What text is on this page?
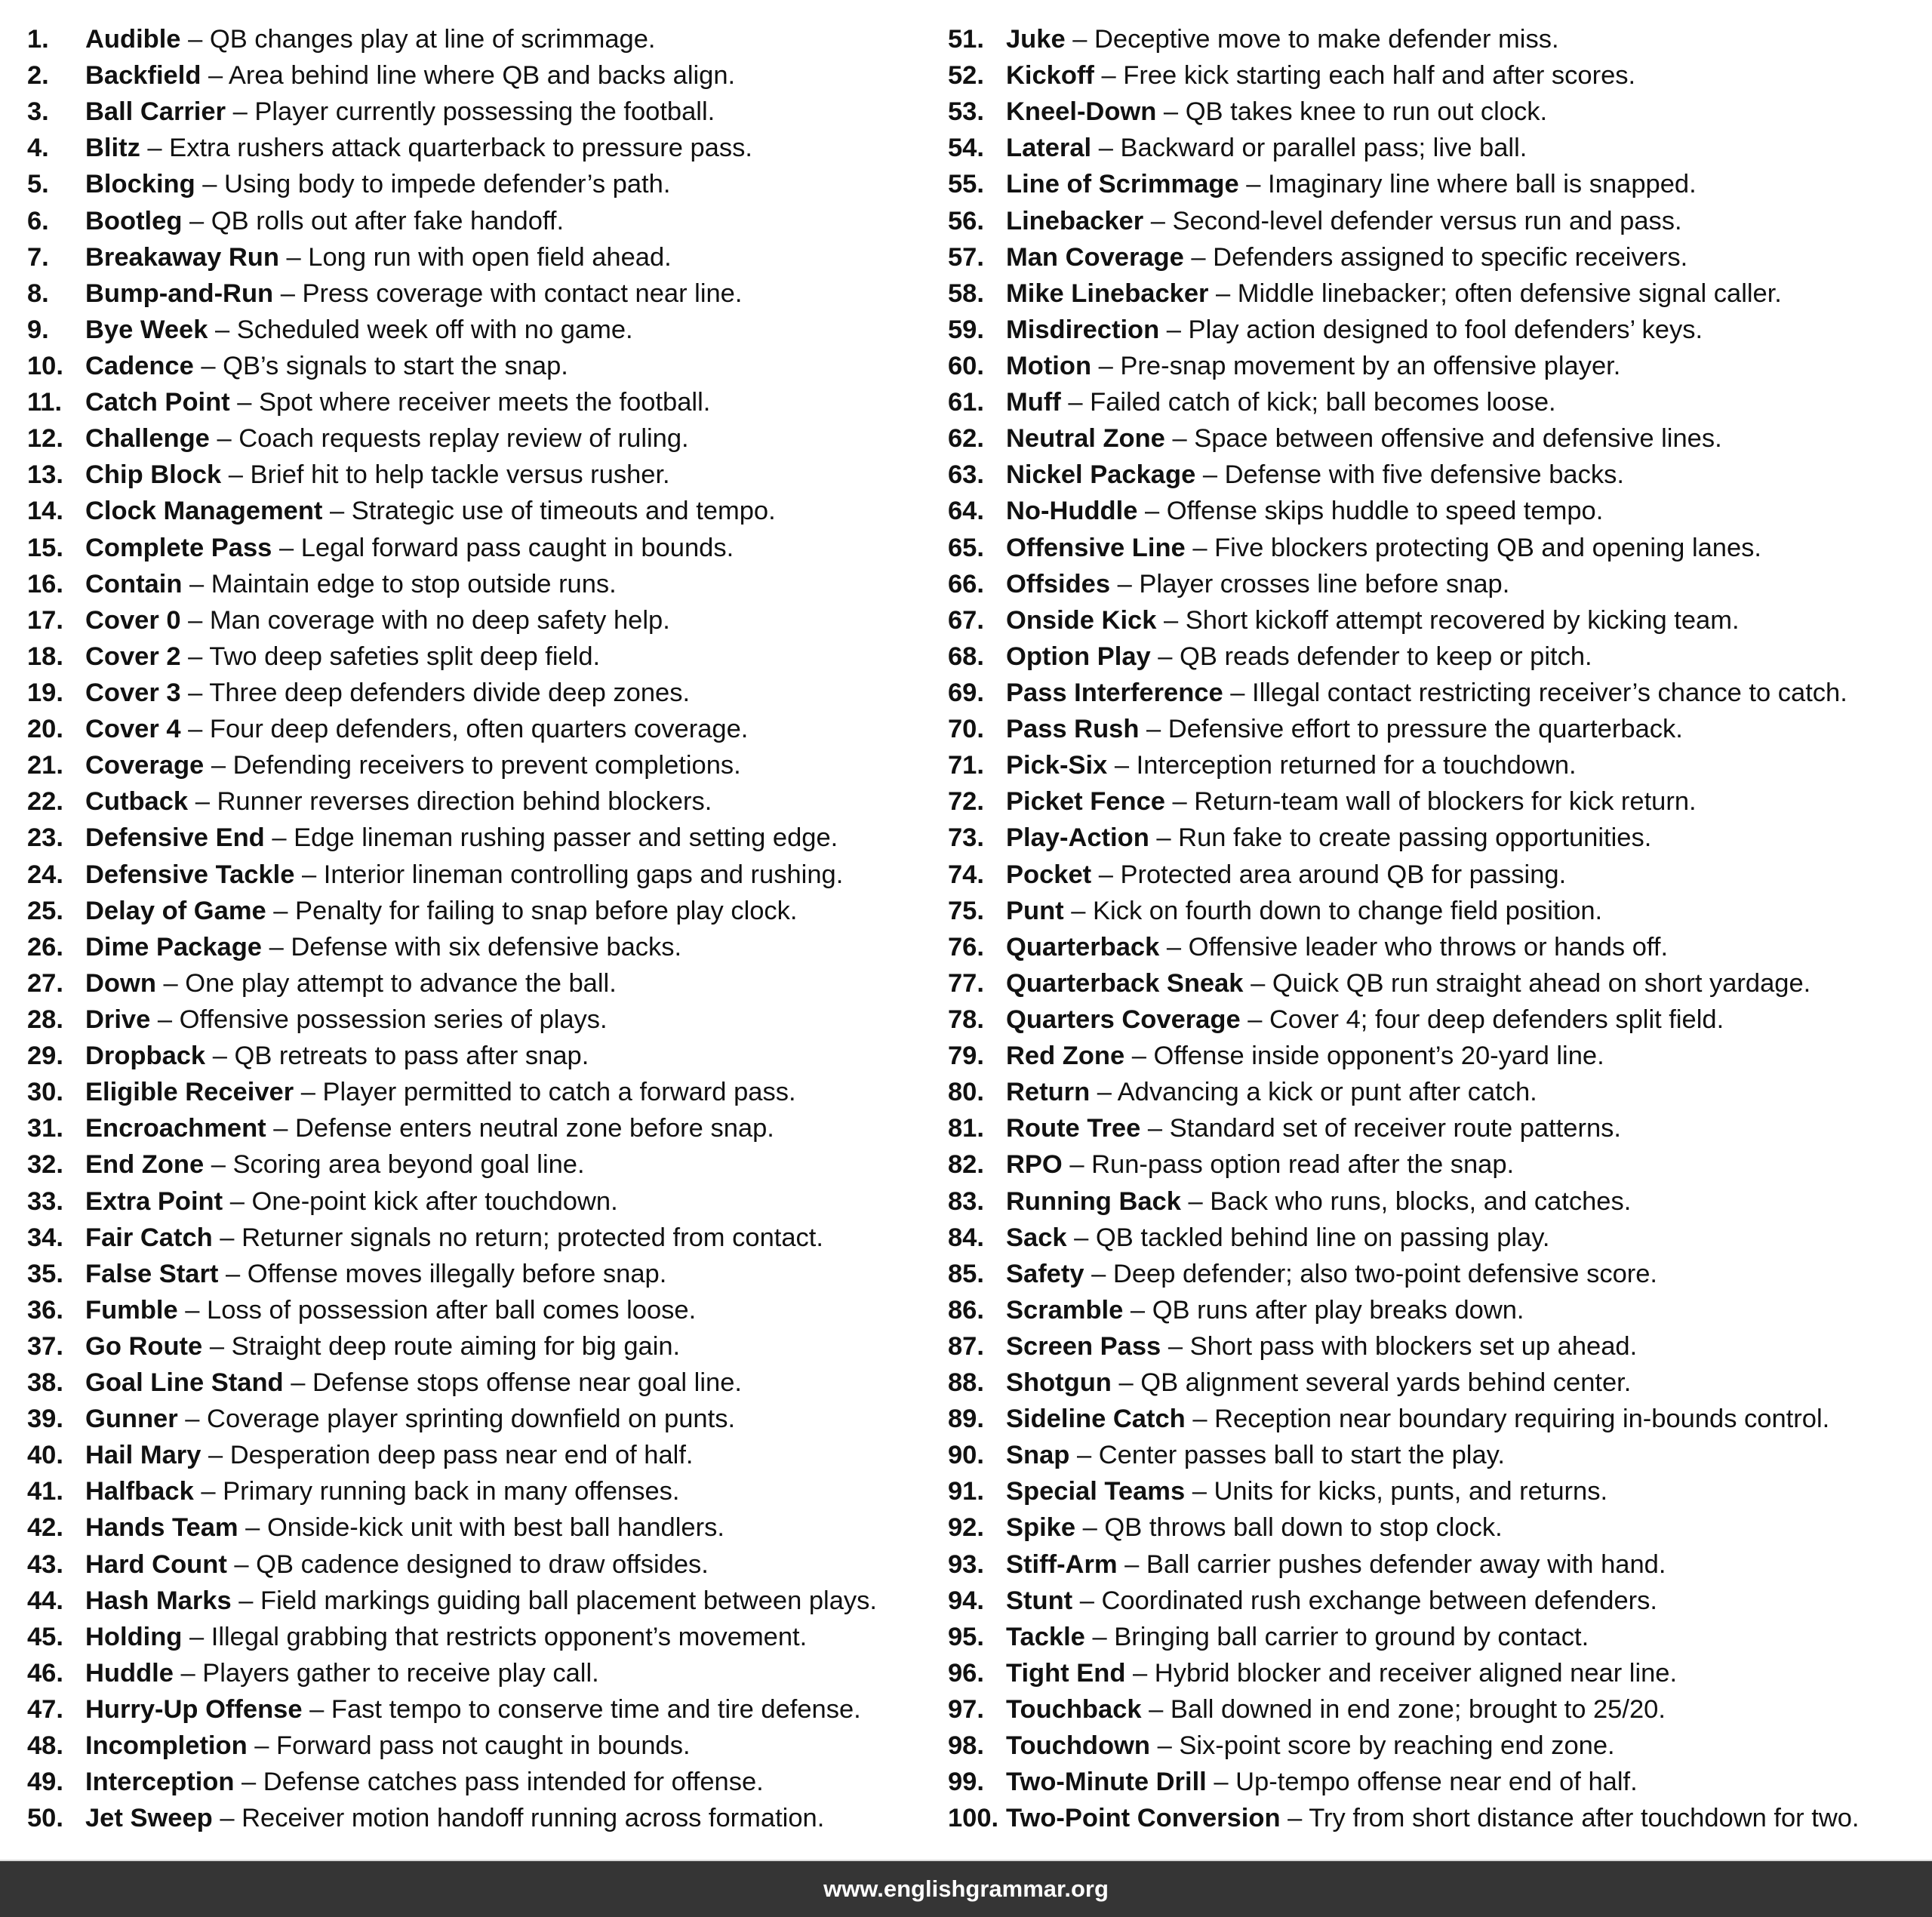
1. Audible – QB changes play at line of scrimmage.
2. Backfield – Area behind line where QB and backs align.
3. Ball Carrier – Player currently possessing the football.
4. Blitz – Extra rushers attack quarterback to pressure pass.
5. Blocking – Using body to impede defender’s path.
6. Bootleg – QB rolls out after fake handoff.
7. Breakaway Run – Long run with open field ahead.
8. Bump-and-Run – Press coverage with contact near line.
9. Bye Week – Scheduled week off with no game.
10. Cadence – QB’s signals to start the snap.
11. Catch Point – Spot where receiver meets the football.
12. Challenge – Coach requests replay review of ruling.
13. Chip Block – Brief hit to help tackle versus rusher.
14. Clock Management – Strategic use of timeouts and tempo.
15. Complete Pass – Legal forward pass caught in bounds.
16. Contain – Maintain edge to stop outside runs.
17. Cover 0 – Man coverage with no deep safety help.
18. Cover 2 – Two deep safeties split deep field.
19. Cover 3 – Three deep defenders divide deep zones.
20. Cover 4 – Four deep defenders, often quarters coverage.
21. Coverage – Defending receivers to prevent completions.
22. Cutback – Runner reverses direction behind blockers.
23. Defensive End – Edge lineman rushing passer and setting edge.
24. Defensive Tackle – Interior lineman controlling gaps and rushing.
25. Delay of Game – Penalty for failing to snap before play clock.
26. Dime Package – Defense with six defensive backs.
27. Down – One play attempt to advance the ball.
28. Drive – Offensive possession series of plays.
29. Dropback – QB retreats to pass after snap.
30. Eligible Receiver – Player permitted to catch a forward pass.
31. Encroachment – Defense enters neutral zone before snap.
32. End Zone – Scoring area beyond goal line.
33. Extra Point – One-point kick after touchdown.
34. Fair Catch – Returner signals no return; protected from contact.
35. False Start – Offense moves illegally before snap.
36. Fumble – Loss of possession after ball comes loose.
37. Go Route – Straight deep route aiming for big gain.
38. Goal Line Stand – Defense stops offense near goal line.
39. Gunner – Coverage player sprinting downfield on punts.
40. Hail Mary – Desperation deep pass near end of half.
41. Halfback – Primary running back in many offenses.
42. Hands Team – Onside-kick unit with best ball handlers.
43. Hard Count – QB cadence designed to draw offsides.
44. Hash Marks – Field markings guiding ball placement between plays.
45. Holding – Illegal grabbing that restricts opponent’s movement.
46. Huddle – Players gather to receive play call.
47. Hurry-Up Offense – Fast tempo to conserve time and tire defense.
48. Incompletion – Forward pass not caught in bounds.
49. Interception – Defense catches pass intended for offense.
50. Jet Sweep – Receiver motion handoff running across formation.
51. Juke – Deceptive move to make defender miss.
52. Kickoff – Free kick starting each half and after scores.
53. Kneel-Down – QB takes knee to run out clock.
54. Lateral – Backward or parallel pass; live ball.
55. Line of Scrimmage – Imaginary line where ball is snapped.
56. Linebacker – Second-level defender versus run and pass.
57. Man Coverage – Defenders assigned to specific receivers.
58. Mike Linebacker – Middle linebacker; often defensive signal caller.
59. Misdirection – Play action designed to fool defenders’ keys.
60. Motion – Pre-snap movement by an offensive player.
61. Muff – Failed catch of kick; ball becomes loose.
62. Neutral Zone – Space between offensive and defensive lines.
63. Nickel Package – Defense with five defensive backs.
64. No-Huddle – Offense skips huddle to speed tempo.
65. Offensive Line – Five blockers protecting QB and opening lanes.
66. Offsides – Player crosses line before snap.
67. Onside Kick – Short kickoff attempt recovered by kicking team.
68. Option Play – QB reads defender to keep or pitch.
69. Pass Interference – Illegal contact restricting receiver’s chance to catch.
70. Pass Rush – Defensive effort to pressure the quarterback.
71. Pick-Six – Interception returned for a touchdown.
72. Picket Fence – Return-team wall of blockers for kick return.
73. Play-Action – Run fake to create passing opportunities.
74. Pocket – Protected area around QB for passing.
75. Punt – Kick on fourth down to change field position.
76. Quarterback – Offensive leader who throws or hands off.
77. Quarterback Sneak – Quick QB run straight ahead on short yardage.
78. Quarters Coverage – Cover 4; four deep defenders split field.
79. Red Zone – Offense inside opponent’s 20-yard line.
80. Return – Advancing a kick or punt after catch.
81. Route Tree – Standard set of receiver route patterns.
82. RPO – Run-pass option read after the snap.
83. Running Back – Back who runs, blocks, and catches.
84. Sack – QB tackled behind line on passing play.
85. Safety – Deep defender; also two-point defensive score.
86. Scramble – QB runs after play breaks down.
87. Screen Pass – Short pass with blockers set up ahead.
88. Shotgun – QB alignment several yards behind center.
89. Sideline Catch – Reception near boundary requiring in-bounds control.
90. Snap – Center passes ball to start the play.
91. Special Teams – Units for kicks, punts, and returns.
92. Spike – QB throws ball down to stop clock.
93. Stiff-Arm – Ball carrier pushes defender away with hand.
94. Stunt – Coordinated rush exchange between defenders.
95. Tackle – Bringing ball carrier to ground by contact.
96. Tight End – Hybrid blocker and receiver aligned near line.
97. Touchback – Ball downed in end zone; brought to 25/20.
98. Touchdown – Six-point score by reaching end zone.
99. Two-Minute Drill – Up-tempo offense near end of half.
100. Two-Point Conversion – Try from short distance after touchdown for two.
www.englishgrammar.org
